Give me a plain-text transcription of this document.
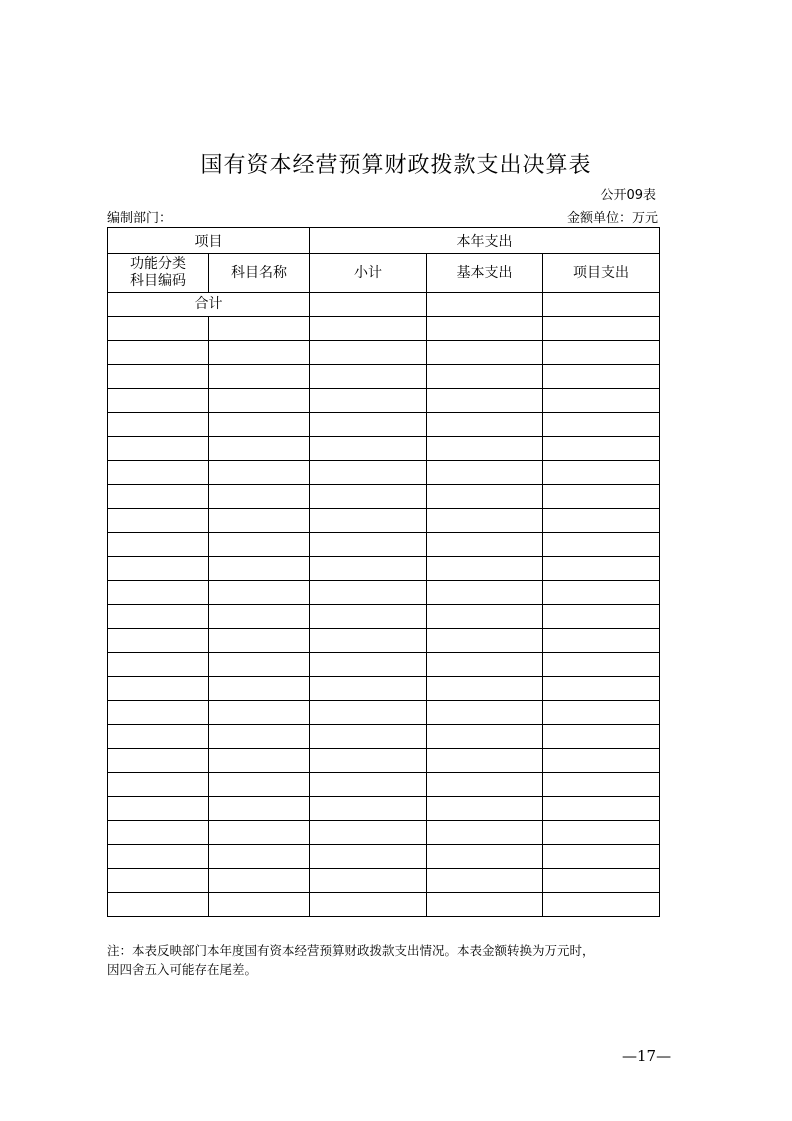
国有资本经营预算财政拨款支出决算表
公开09表
编制部门：	金额单位：万元
项目		本年支出		

功能分类
科目编码	科目名称	小计	基本支出	项目支出
合计				

注：本表反映部门本年度国有资本经营预算财政拨款支出情况。本表金额转换为万元时，
因四舍五入可能存在尾差。
—17—
